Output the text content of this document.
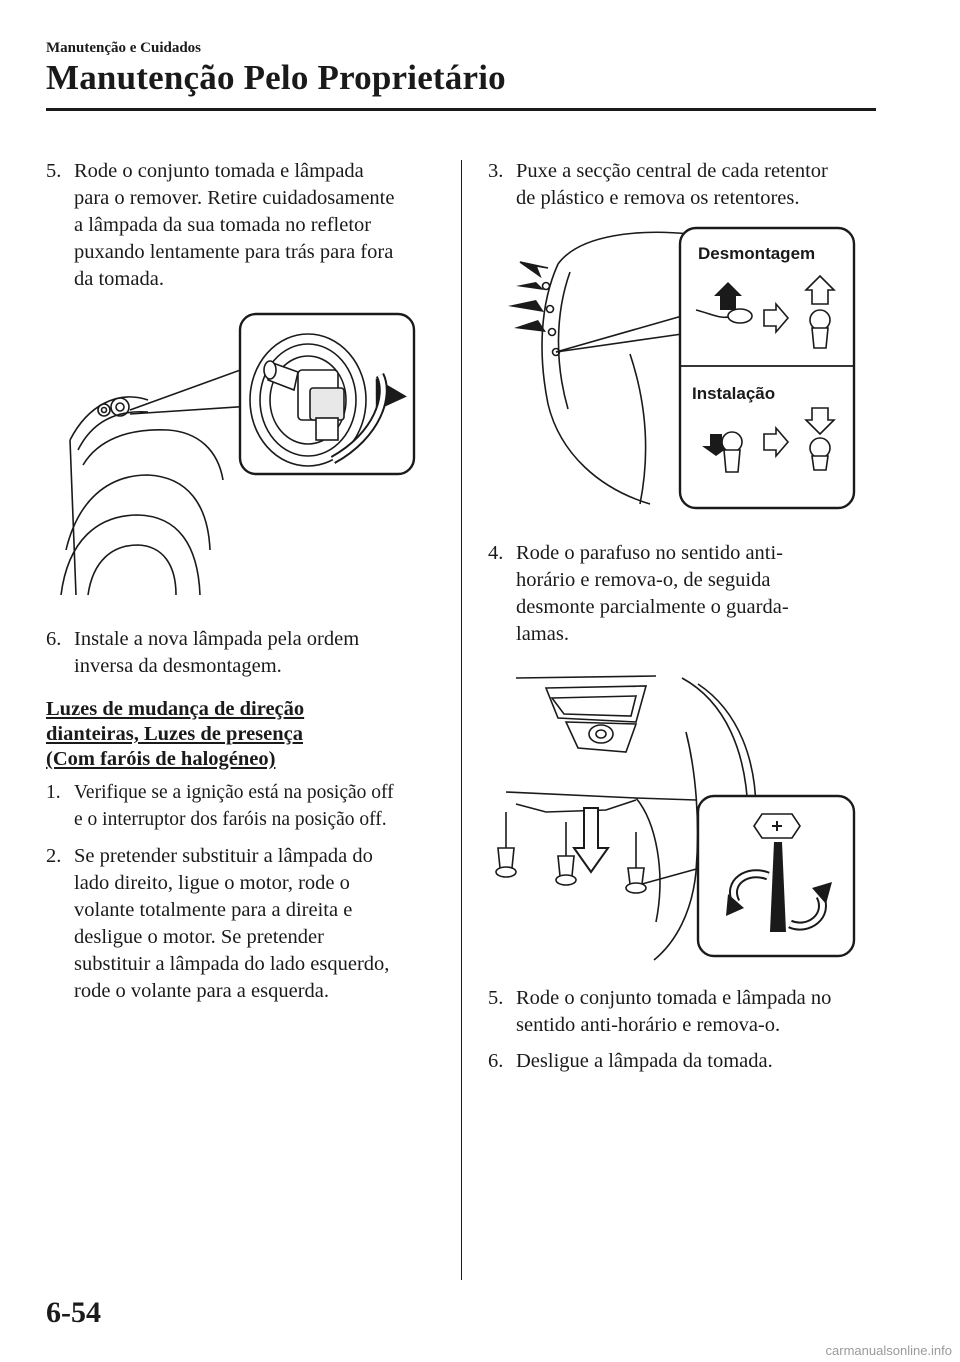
Manutenção e Cuidados
Manutenção Pelo Proprietário
5. Rode o conjunto tomada e lâmpada
para o remover. Retire cuidadosamente
a lâmpada da sua tomada no refletor
puxando lentamente para trás para fora
da tomada.
6. Instale a nova lâmpada pela ordem
inversa da desmontagem.
Luzes de mudança de direção
dianteiras, Luzes de presença
(Com faróis de halogéneo)
1. Verifique se a ignição está na posição off
e o interruptor dos faróis na posição off.
2. Se pretender substituir a lâmpada do
lado direito, ligue o motor, rode o
volante totalmente para a direita e
desligue o motor. Se pretender
substituir a lâmpada do lado esquerdo,
rode o volante para a esquerda.
3. Puxe a secção central de cada retentor
de plástico e remova os retentores.
Desmontagem
Instalação
4. Rode o parafuso no sentido anti-
horário e remova-o, de seguida
desmonte parcialmente o guarda-
lamas.
5. Rode o conjunto tomada e lâmpada no
sentido anti-horário e remova-o.
6. Desligue a lâmpada da tomada.
6-54
carmanualsonline.info
